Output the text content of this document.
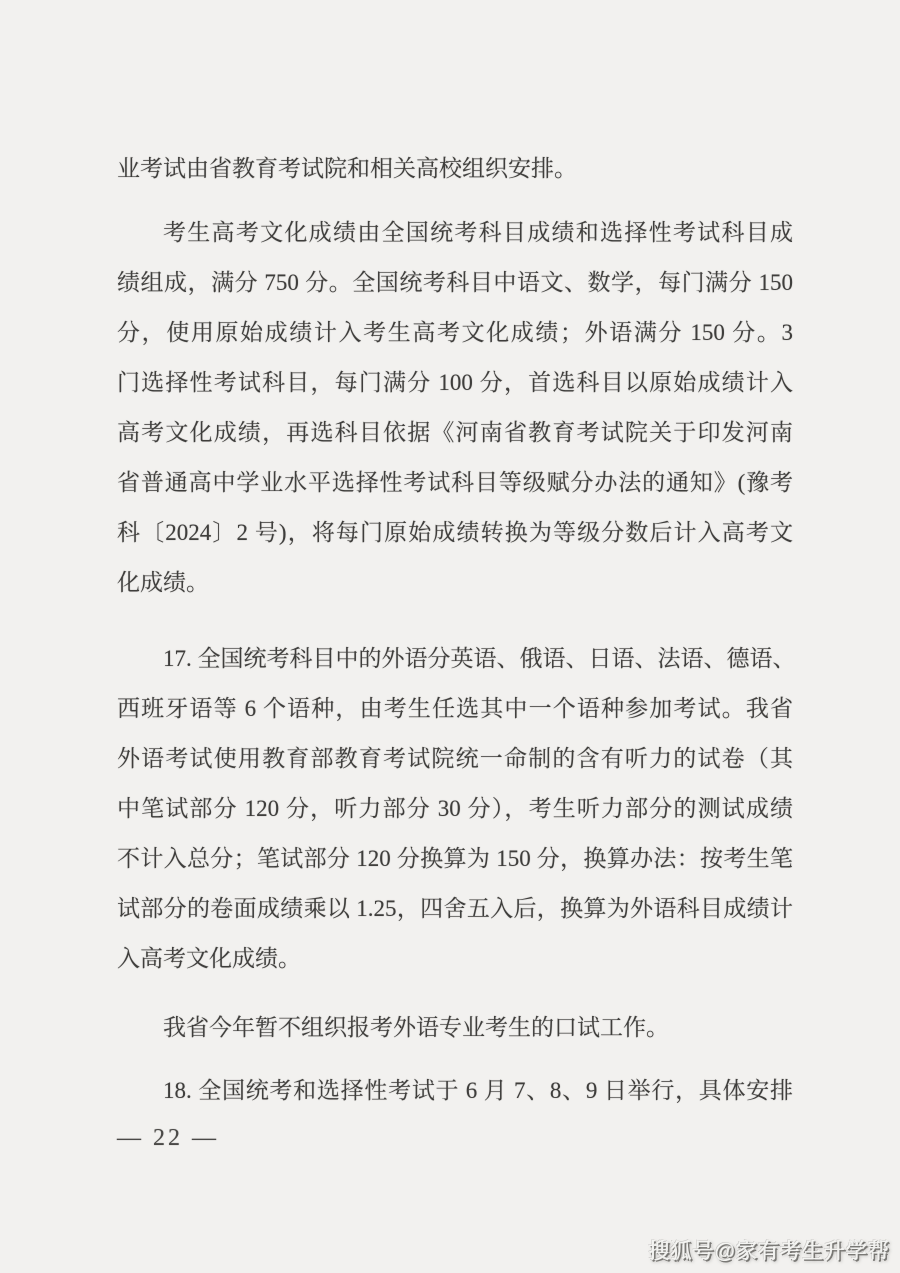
业考试由省教育考试院和相关高校组织安排。
考生高考文化成绩由全国统考科目成绩和选择性考试科目成
绩组成，满分 750 分。全国统考科目中语文、数学，每门满分 150
分，使用原始成绩计入考生高考文化成绩；外语满分 150 分。3
门选择性考试科目，每门满分 100 分，首选科目以原始成绩计入
高考文化成绩，再选科目依据《河南省教育考试院关于印发河南
省普通高中学业水平选择性考试科目等级赋分办法的通知》(豫考
科〔2024〕2 号)，将每门原始成绩转换为等级分数后计入高考文
化成绩。
17. 全国统考科目中的外语分英语、俄语、日语、法语、德语、
西班牙语等 6 个语种，由考生任选其中一个语种参加考试。我省
外语考试使用教育部教育考试院统一命制的含有听力的试卷（其
中笔试部分 120 分，听力部分 30 分），考生听力部分的测试成绩
不计入总分；笔试部分 120 分换算为 150 分，换算办法：按考生笔
试部分的卷面成绩乘以 1.25，四舍五入后，换算为外语科目成绩计
入高考文化成绩。
我省今年暂不组织报考外语专业考生的口试工作。
18. 全国统考和选择性考试于 6 月 7、8、9 日举行，具体安排
— 22 —
搜狐号@家有考生升学帮
